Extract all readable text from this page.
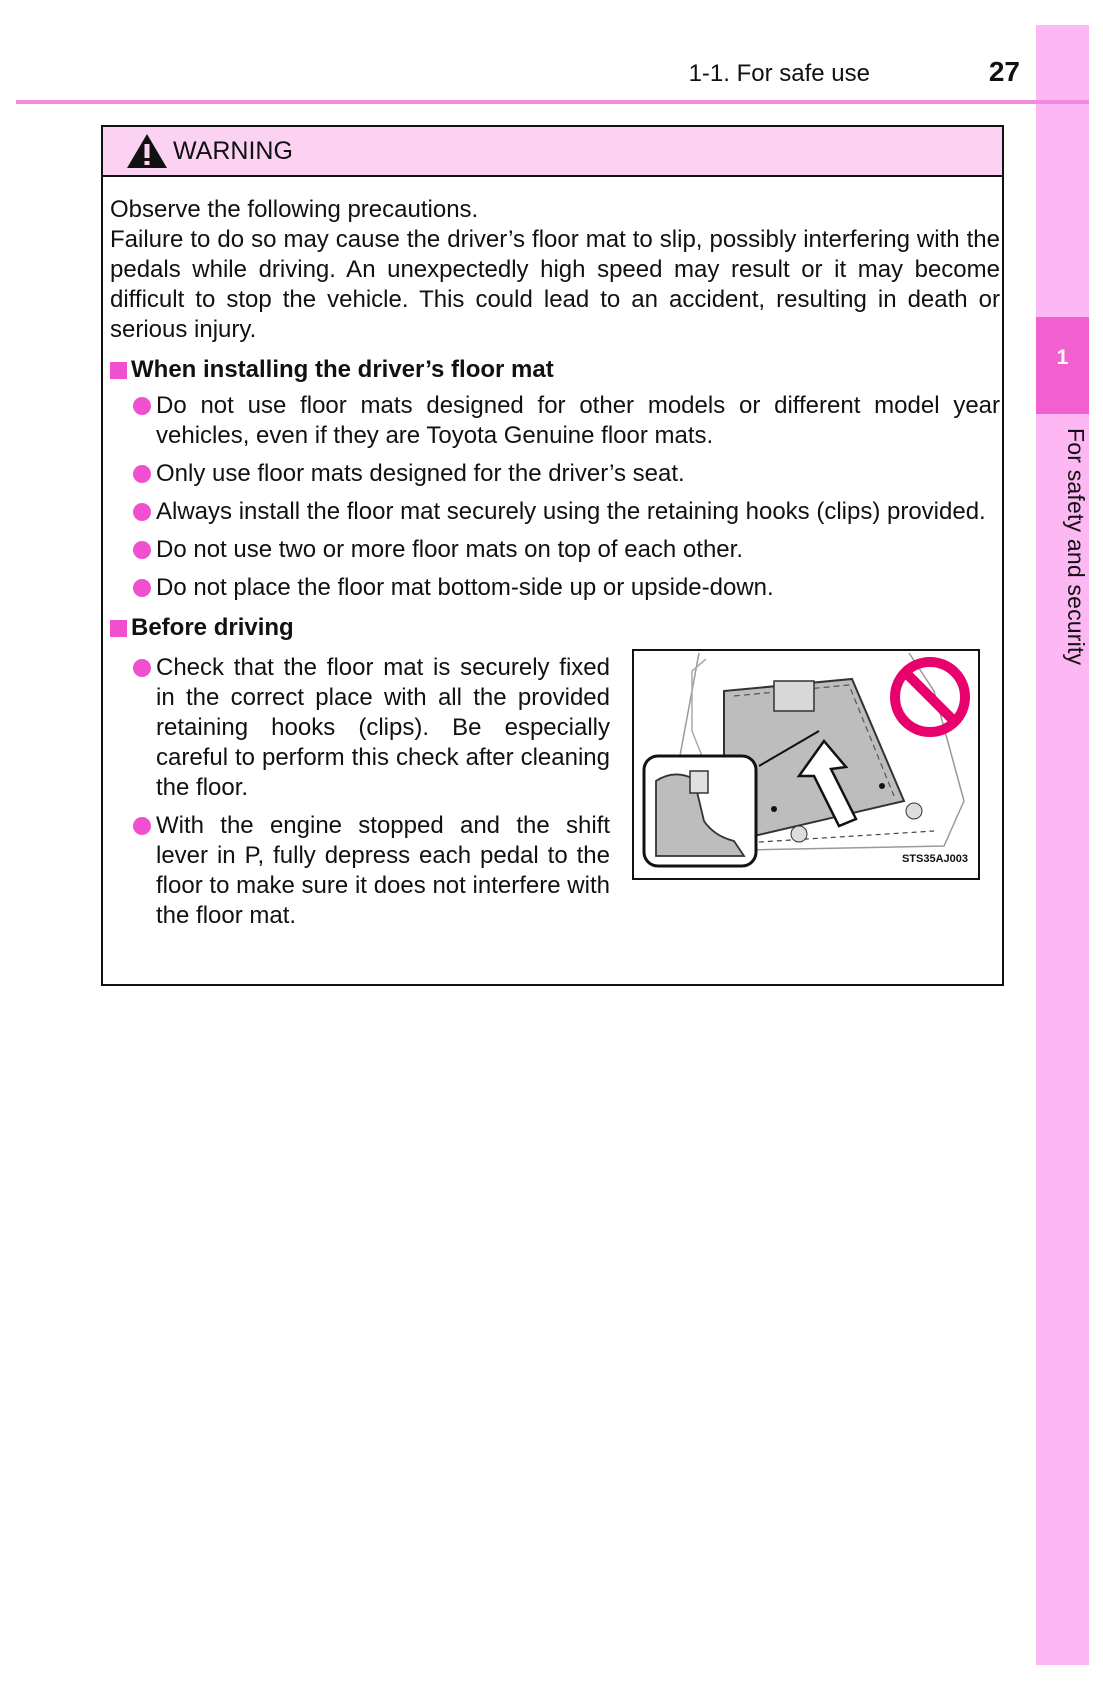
1
For safety and security
1-1. For safe use	27
WARNING

Observe the following precautions.

Failure to do so may cause the driver’s floor mat to slip, possibly interfering with the pedals while driving. An unexpectedly high speed may result or it may become difficult to stop the vehicle. This could lead to an accident, resulting in death or serious injury.

When installing the driver’s floor mat

Do not use floor mats designed for other models or different model year vehicles, even if they are Toyota Genuine floor mats.

Only use floor mats designed for the driver’s seat.

Always install the floor mat securely using the retaining hooks (clips) provided.

Do not use two or more floor mats on top of each other.

Do not place the floor mat bottom-side up or upside-down.

Before driving

Check that the floor mat is securely fixed in the correct place with all the provided retaining hooks (clips). Be especially careful to perform this check after cleaning the floor.

With the engine stopped and the shift lever in P, fully depress each pedal to the floor to make sure it does not interfere with the floor mat.

STS35AJ003
